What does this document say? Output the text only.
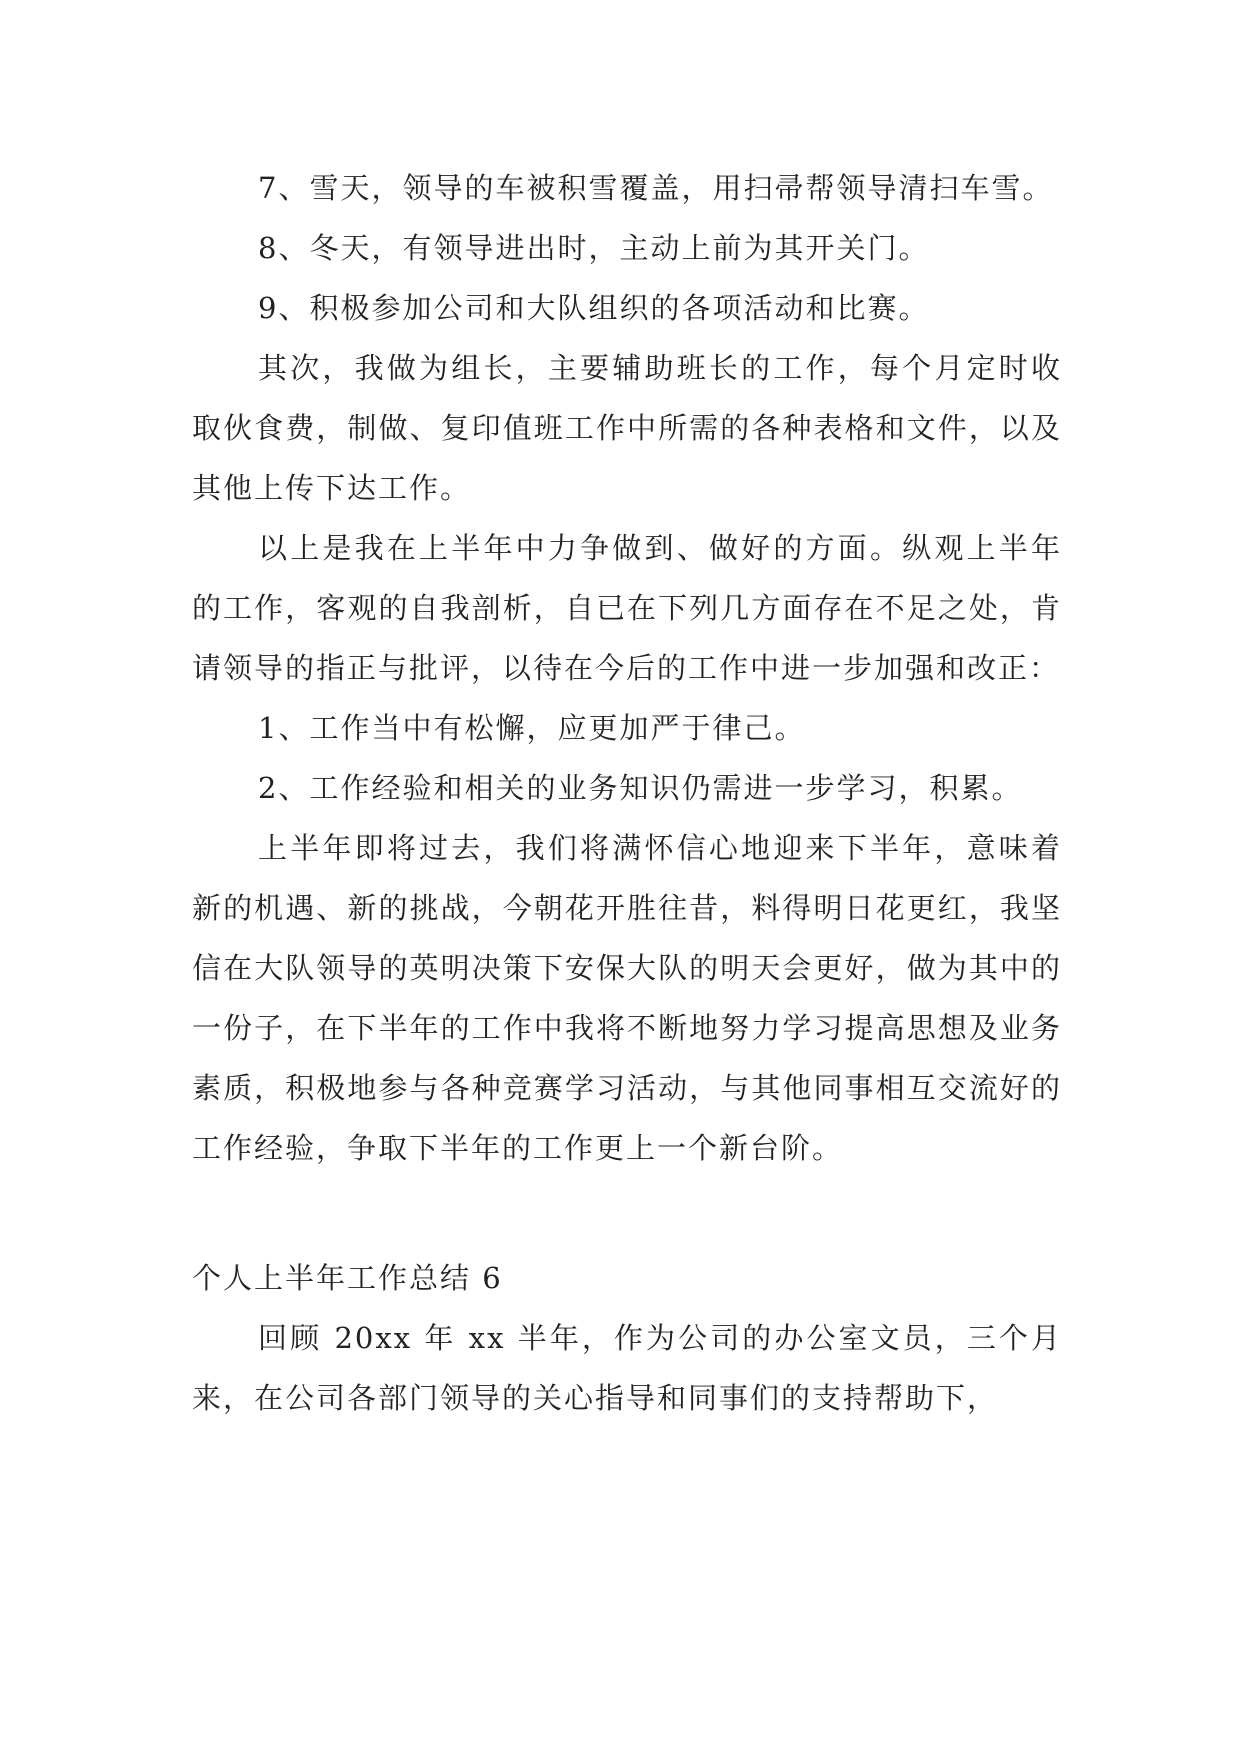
7、雪天，领导的车被积雪覆盖，用扫帚帮领导清扫车雪。

8、冬天，有领导进出时，主动上前为其开关门。

9、积极参加公司和大队组织的各项活动和比赛。

其次，我做为组长，主要辅助班长的工作，每个月定时收取伙食费，制做、复印值班工作中所需的各种表格和文件，以及其他上传下达工作。

以上是我在上半年中力争做到、做好的方面。纵观上半年的工作，客观的自我剖析，自已在下列几方面存在不足之处，肯请领导的指正与批评，以待在今后的工作中进一步加强和改正：

1、工作当中有松懈，应更加严于律己。

2、工作经验和相关的业务知识仍需进一步学习，积累。

上半年即将过去，我们将满怀信心地迎来下半年，意味着新的机遇、新的挑战，今朝花开胜往昔，料得明日花更红，我坚信在大队领导的英明决策下安保大队的明天会更好，做为其中的一份子，在下半年的工作中我将不断地努力学习提高思想及业务素质，积极地参与各种竞赛学习活动，与其他同事相互交流好的工作经验，争取下半年的工作更上一个新台阶。

个人上半年工作总结 6

回顾 20xx 年 xx 半年，作为公司的办公室文员，三个月来，在公司各部门领导的关心指导和同事们的支持帮助下，
